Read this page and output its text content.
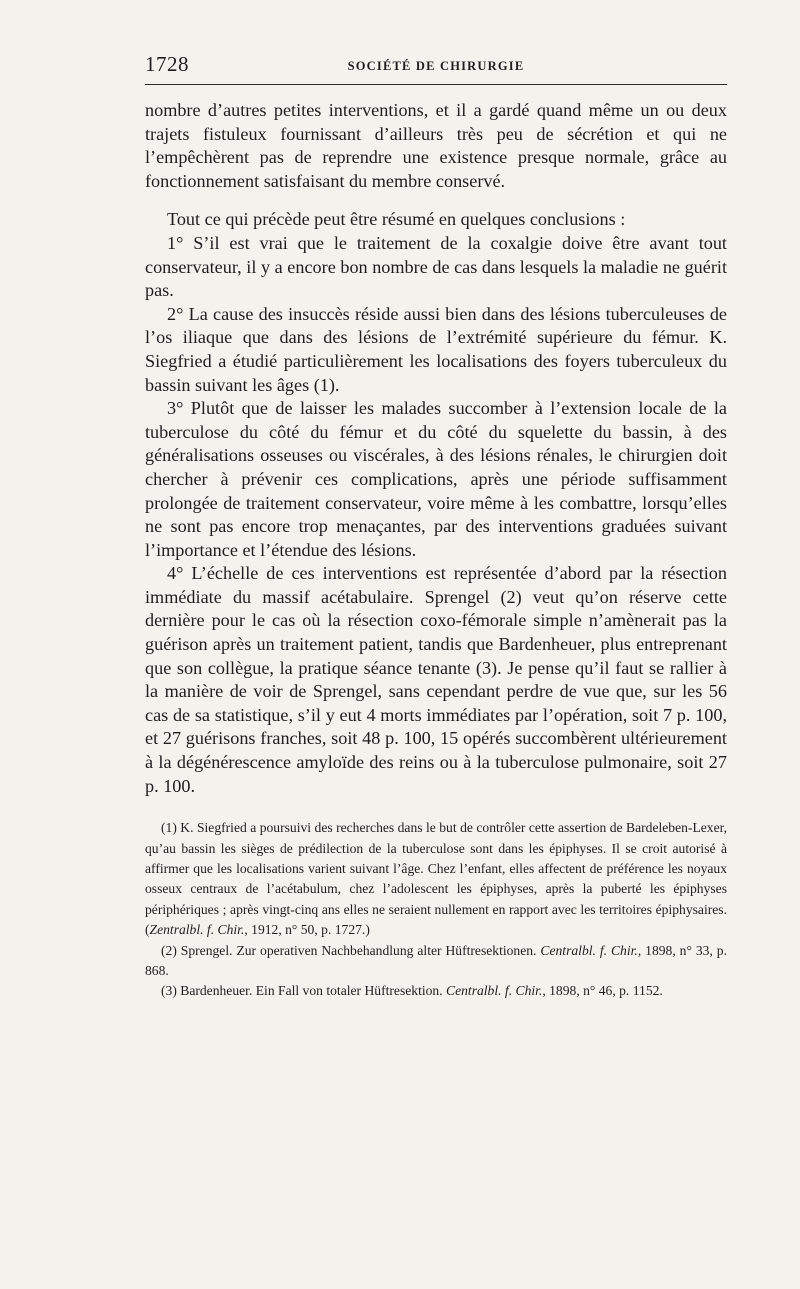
1728	SOCIÉTÉ DE CHIRURGIE

nombre d’autres petites interventions, et il a gardé quand même un ou deux trajets fistuleux fournissant d’ailleurs très peu de sécrétion et qui ne l’empêchèrent pas de reprendre une existence presque normale, grâce au fonctionnement satisfaisant du membre conservé.

Tout ce qui précède peut être résumé en quelques conclusions :

1° S’il est vrai que le traitement de la coxalgie doive être avant tout conservateur, il y a encore bon nombre de cas dans lesquels la maladie ne guérit pas.

2° La cause des insuccès réside aussi bien dans des lésions tuberculeuses de l’os iliaque que dans des lésions de l’extrémité supérieure du fémur. K. Siegfried a étudié particulièrement les localisations des foyers tuberculeux du bassin suivant les âges (1).

3° Plutôt que de laisser les malades succomber à l’extension locale de la tuberculose du côté du fémur et du côté du squelette du bassin, à des généralisations osseuses ou viscérales, à des lésions rénales, le chirurgien doit chercher à prévenir ces complications, après une période suffisamment prolongée de traitement conservateur, voire même à les combattre, lorsqu’elles ne sont pas encore trop menaçantes, par des interventions graduées suivant l’importance et l’étendue des lésions.

4° L’échelle de ces interventions est représentée d’abord par la résection immédiate du massif acétabulaire. Sprengel (2) veut qu’on réserve cette dernière pour le cas où la résection coxo-fémorale simple n’amènerait pas la guérison après un traitement patient, tandis que Bardenheuer, plus entreprenant que son collègue, la pratique séance tenante (3). Je pense qu’il faut se rallier à la manière de voir de Sprengel, sans cependant perdre de vue que, sur les 56 cas de sa statistique, s’il y eut 4 morts immédiates par l’opération, soit 7 p. 100, et 27 guérisons franches, soit 48 p. 100, 15 opérés succombèrent ultérieurement à la dégénérescence amyloïde des reins ou à la tuberculose pulmonaire, soit 27 p. 100.

(1) K. Siegfried a poursuivi des recherches dans le but de contrôler cette assertion de Bardeleben-Lexer, qu’au bassin les sièges de prédilection de la tuberculose sont dans les épiphyses. Il se croit autorisé à affirmer que les localisations varient suivant l’âge. Chez l’enfant, elles affectent de préférence les noyaux osseux centraux de l’acétabulum, chez l’adolescent les épiphyses, après la puberté les épiphyses périphériques ; après vingt-cinq ans elles ne seraient nullement en rapport avec les territoires épiphysaires. (Zentralbl. f. Chir., 1912, n° 50, p. 1727.)

(2) Sprengel. Zur operativen Nachbehandlung alter Hüftresektionen. Centralbl. f. Chir., 1898, n° 33, p. 868.

(3) Bardenheuer. Ein Fall von totaler Hüftresektion. Centralbl. f. Chir., 1898, n° 46, p. 1152.
